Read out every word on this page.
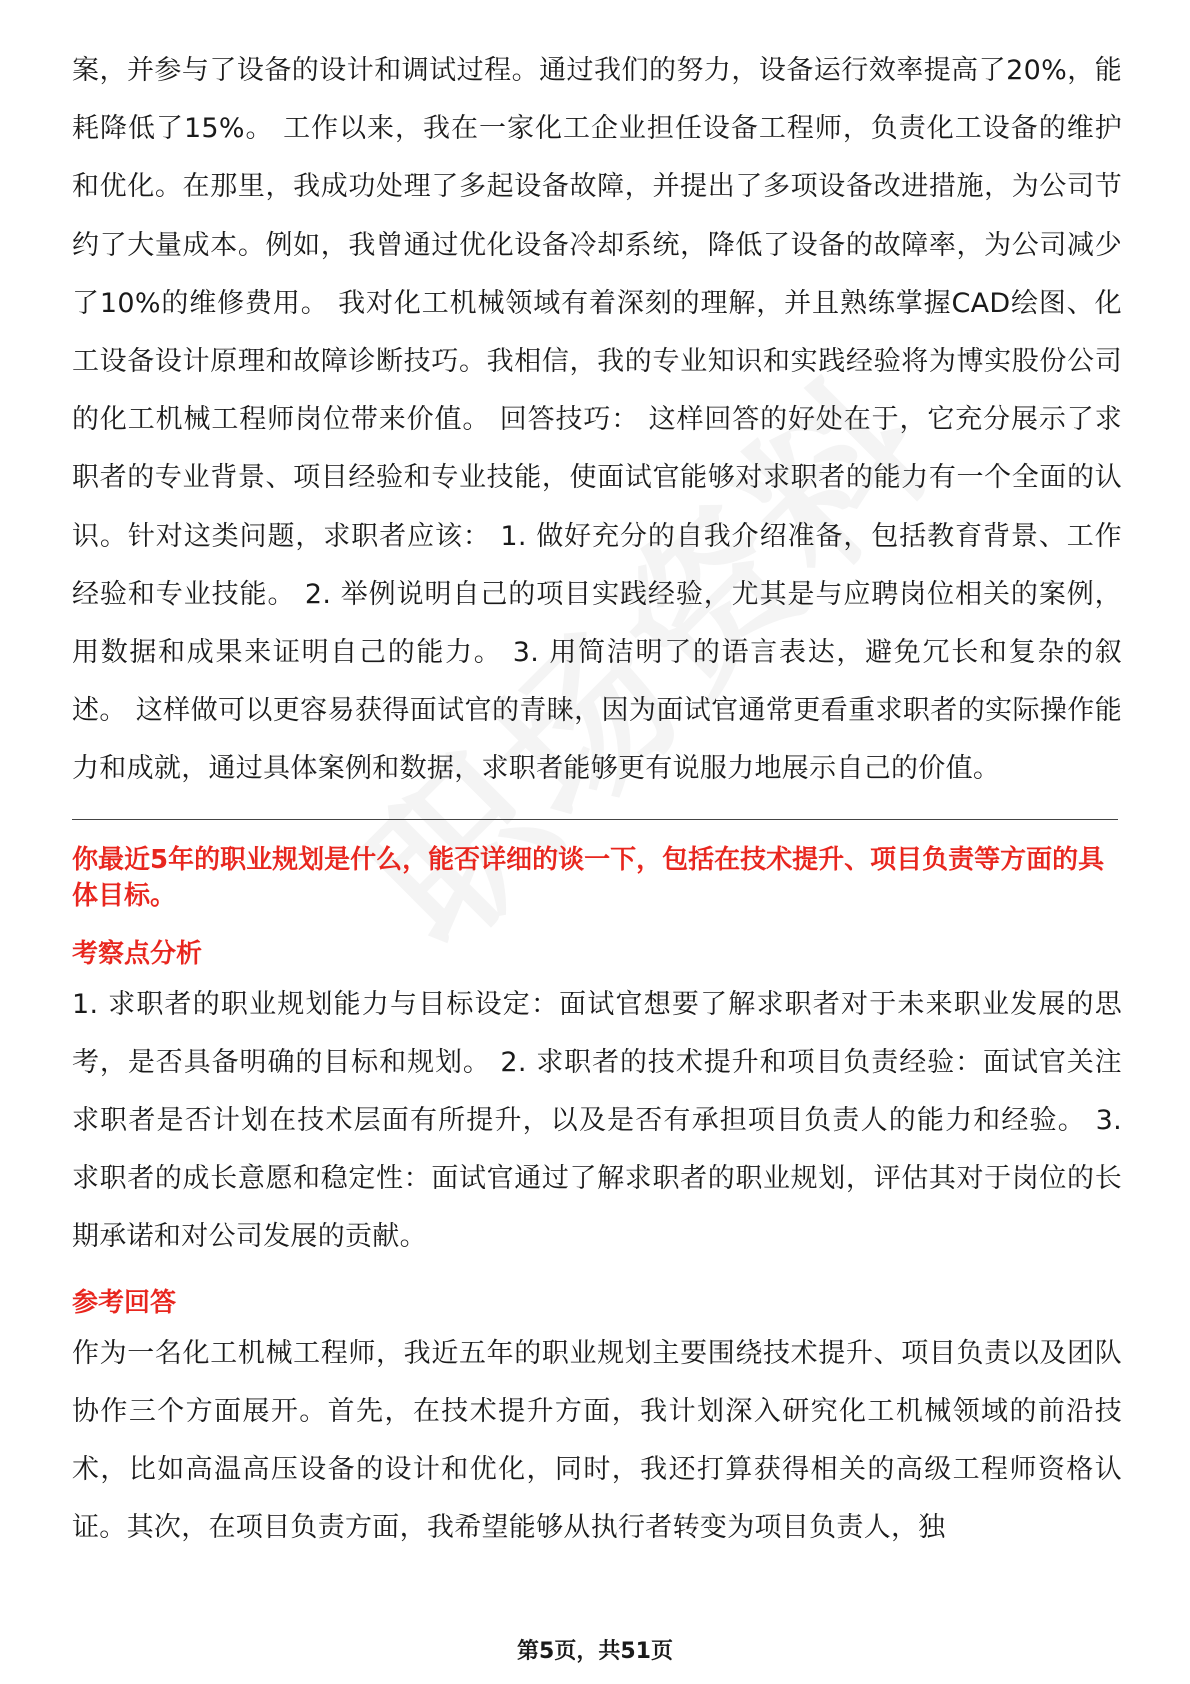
案，并参与了设备的设计和调试过程。通过我们的努力，设备运行效率提高了20%，能耗降低了15%。 工作以来，我在一家化工企业担任设备工程师，负责化工设备的维护和优化。在那里，我成功处理了多起设备故障，并提出了多项设备改进措施，为公司节约了大量成本。例如，我曾通过优化设备冷却系统，降低了设备的故障率，为公司减少了10%的维修费用。 我对化工机械领域有着深刻的理解，并且熟练掌握CAD绘图、化工设备设计原理和故障诊断技巧。我相信，我的专业知识和实践经验将为博实股份公司的化工机械工程师岗位带来价值。 回答技巧： 这样回答的好处在于，它充分展示了求职者的专业背景、项目经验和专业技能，使面试官能够对求职者的能力有一个全面的认识。针对这类问题，求职者应该： 1. 做好充分的自我介绍准备，包括教育背景、工作经验和专业技能。 2. 举例说明自己的项目实践经验，尤其是与应聘岗位相关的案例，用数据和成果来证明自己的能力。 3. 用简洁明了的语言表达，避免冗长和复杂的叙述。 这样做可以更容易获得面试官的青睐，因为面试官通常更看重求职者的实际操作能力和成就，通过具体案例和数据，求职者能够更有说服力地展示自己的价值。

你最近5年的职业规划是什么，能否详细的谈一下，包括在技术提升、项目负责等方面的具体目标。
考察点分析

1. 求职者的职业规划能力与目标设定：面试官想要了解求职者对于未来职业发展的思考，是否具备明确的目标和规划。 2. 求职者的技术提升和项目负责经验：面试官关注求职者是否计划在技术层面有所提升，以及是否有承担项目负责人的能力和经验。 3. 求职者的成长意愿和稳定性：面试官通过了解求职者的职业规划，评估其对于岗位的长期承诺和对公司发展的贡献。

参考回答

作为一名化工机械工程师，我近五年的职业规划主要围绕技术提升、项目负责以及团队协作三个方面展开。首先，在技术提升方面，我计划深入研究化工机械领域的前沿技术，比如高温高压设备的设计和优化，同时，我还打算获得相关的高级工程师资格认证。其次，在项目负责方面，我希望能够从执行者转变为项目负责人，独

第5页，共51页
